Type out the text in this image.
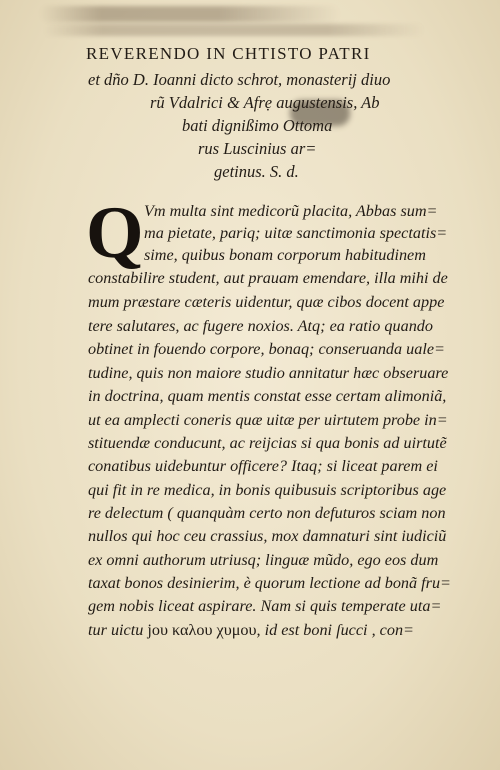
REVERENDO IN CHTISTO PATRI
et dño D. Ioanni dicto schrot, monasterij diuo
rũ Vdalrici & Afrẹ augustensis, Ab
bati dignißimo Ottoma
rus Luscinius ar=
getinus. S. d.
Q Vm multa sint medicorũ placita, Abbas sum=
ma pietate, pariq; uitæ sanctimonia spectatis=
sime, quibus bonam corporum habitudinem
constabilire student, aut prauam emendare, illa mihi de
mum præstare cæteris uidentur, quæ cibos docent appe
tere salutares, ac fugere noxios. Atq; ea ratio quando
obtinet in fouendo corpore, bonaq; conseruanda uale=
tudine, quis non maiore studio annitatur hæc obseruare
in doctrina, quam mentis constat esse certam alimoniã,
ut ea amplecti coneris quæ uitæ per uirtutem probe in=
stituendæ conducunt, ac reijcias si qua bonis ad uirtutẽ
conatibus uidebuntur officere? Itaq; si liceat parem ei
qui fit in re medica, in bonis quibusuis scriptoribus age
re delectum ( quanquàm certo non defuturos sciam non
nullos qui hoc ceu crassius, mox damnaturi sint iudiciũ
ex omni authorum utriusq; linguæ mũdo, ego eos dum
taxat bonos desinierim, è quorum lectione ad bonã fru=
gem nobis liceat aspirare. Nam si quis temperate uta=
tur uictu ϳoυ καλoυ χυμoυ, id est boni ſucci , con=
